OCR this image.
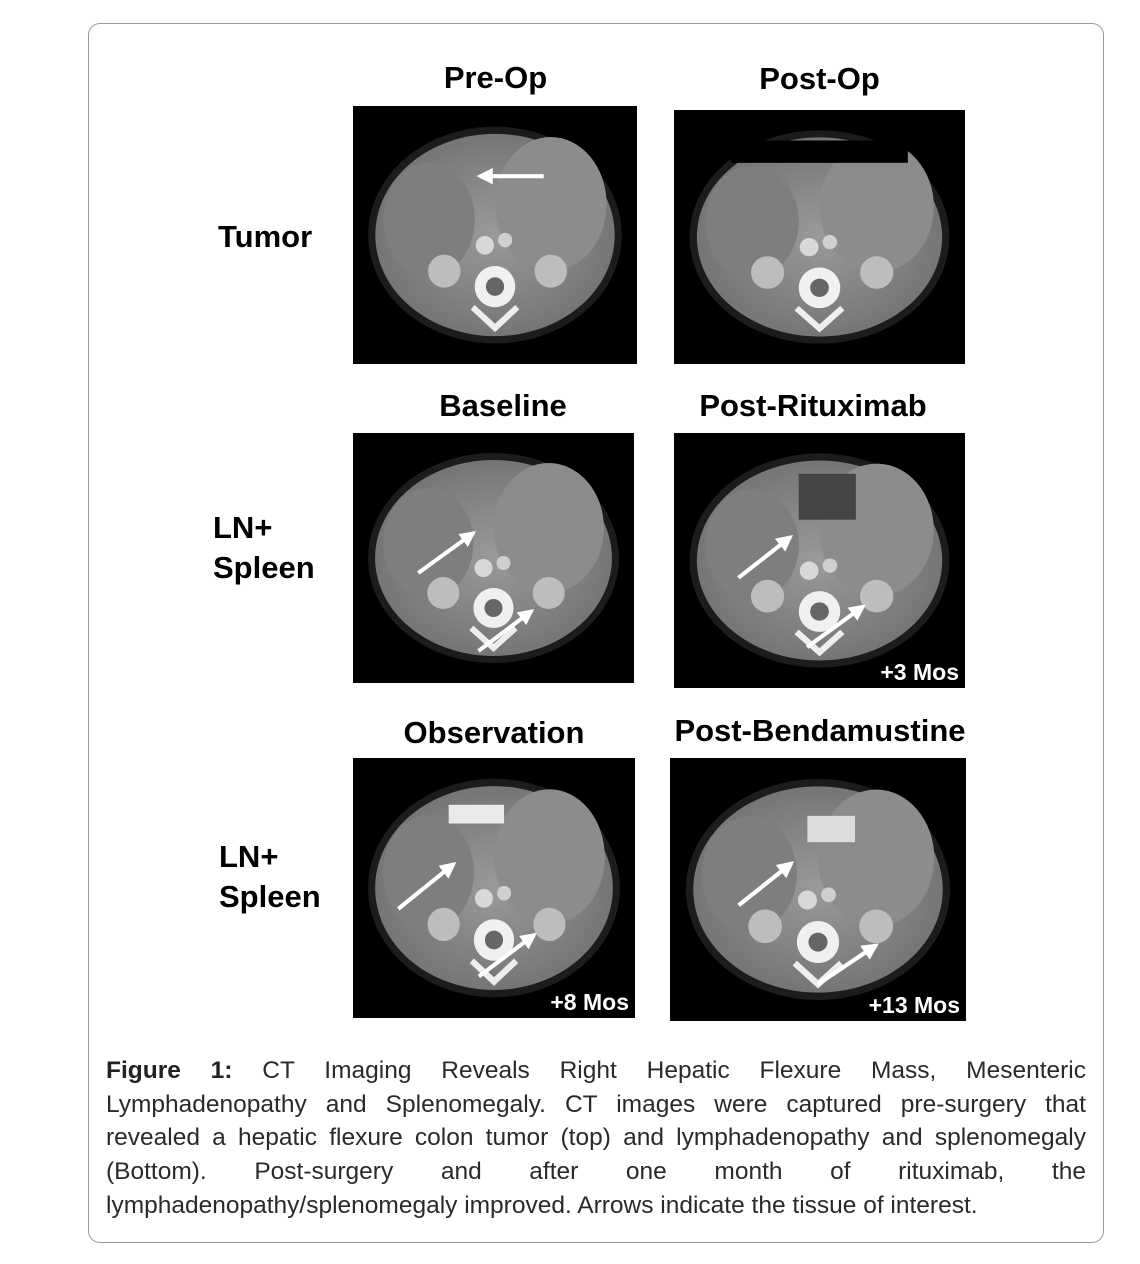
Pre-Op	Post-Op
Tumor
Baseline	Post-Rituximab
LN+
Spleen
+3 Mos
Observation	Post-Bendamustine
LN+
Spleen
+8 Mos	+13 Mos
Figure 1: CT Imaging Reveals Right Hepatic Flexure Mass, Mesenteric Lymphadenopathy and Splenomegaly. CT images were captured pre-surgery that revealed a hepatic flexure colon tumor (top) and lymphadenopathy and splenomegaly (Bottom). Post-surgery and after one month of rituximab, the lymphadenopathy/splenomegaly improved. Arrows indicate the tissue of interest.
